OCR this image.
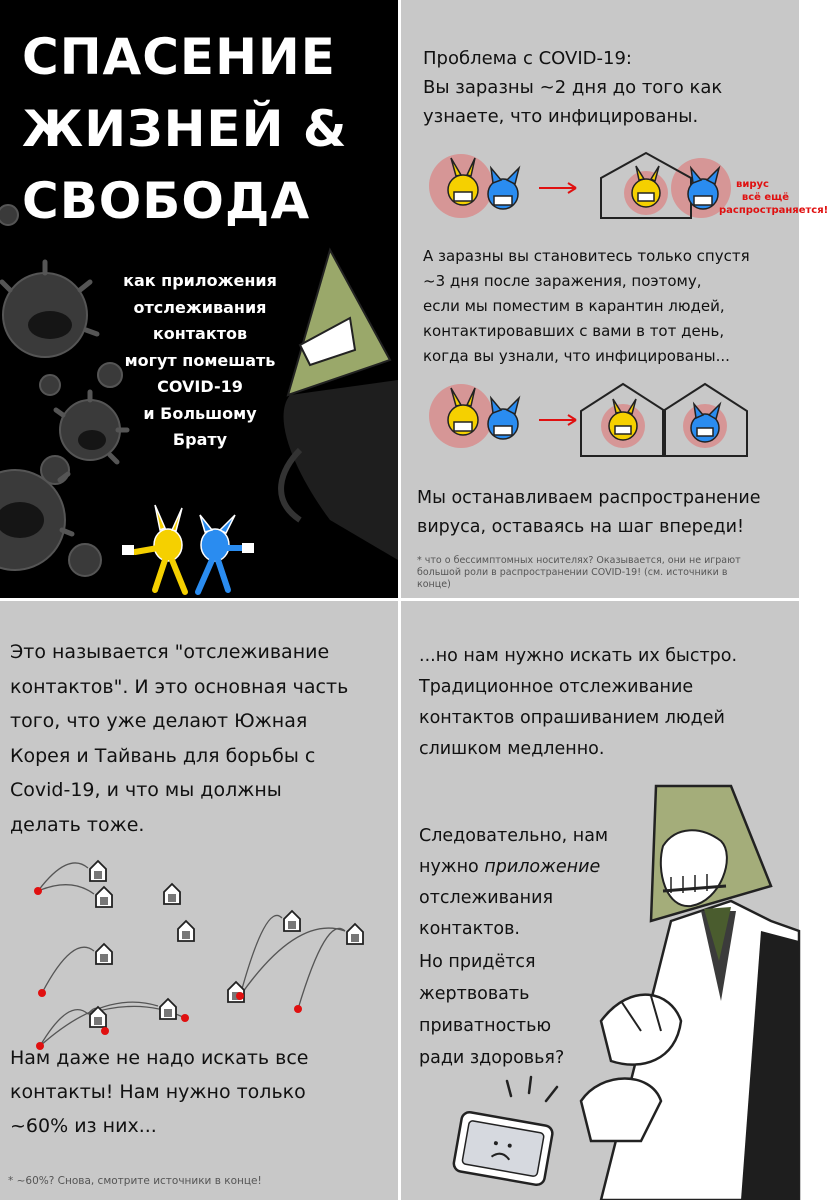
СПАСЕНИЕ
ЖИЗНЕЙ &
СВОБОДА
как приложения
отслеживания
контактов
могут помешать
COVID-19
и Большому
Брату
Проблема с COVID-19:
Вы заразны ~2 дня до того как
узнаете, что инфицированы.
вирус
всё ещё
распространяется!
А заразны вы становитесь только спустя
~3 дня после заражения, поэтому,
если мы поместим в карантин людей,
контактировавших с вами в тот день,
когда вы узнали, что инфицированы...
Мы останавливаем распространение
вируса, оставаясь на шаг впереди!
* что о бессимптомных носителях? Оказывается, они не играют
большой роли в распространении COVID-19! (см. источники в
конце)
Это называется "отслеживание
контактов". И это основная часть
того, что уже делают Южная
Корея и Тайвань для борьбы с
Covid-19, и что мы должны
делать тоже.
Нам даже не надо искать все
контакты! Нам нужно только
~60% из них...
* ~60%? Снова, смотрите источники в конце!
...но нам нужно искать их быстро.
Традиционное отслеживание
контактов опрашиванием людей
слишком медленно.
Следовательно, нам
нужно приложение
отслеживания
контактов.
Но придётся
жертвовать
приватностью
ради здоровья?
